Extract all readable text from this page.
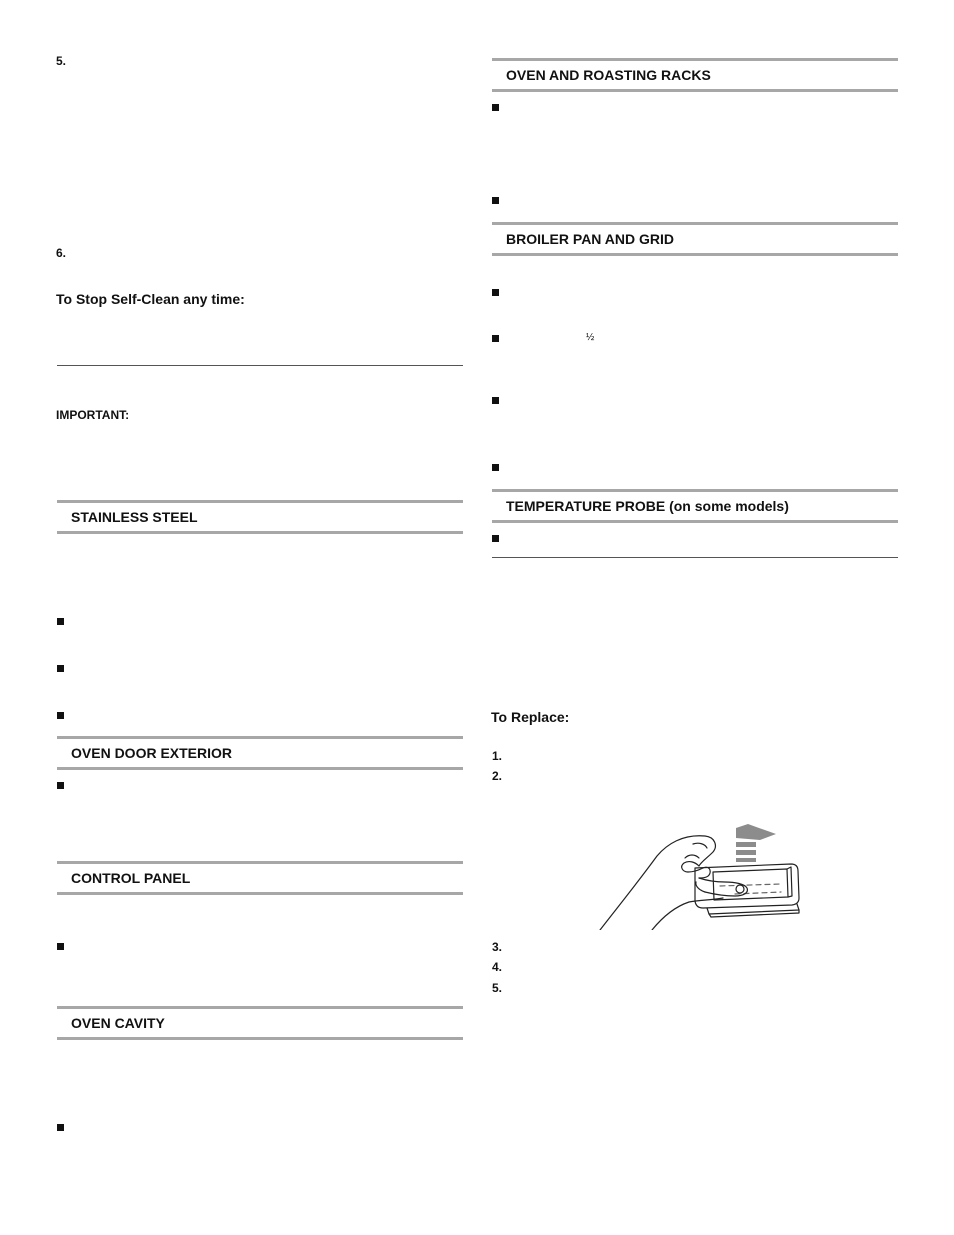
5.
6.
To Stop Self-Clean any time:
IMPORTANT:
STAINLESS STEEL
OVEN DOOR EXTERIOR
CONTROL PANEL
OVEN CAVITY
OVEN AND ROASTING RACKS
BROILER PAN AND GRID
½
TEMPERATURE PROBE (on some models)
To Replace:
1.
2.
3.
4.
5.
